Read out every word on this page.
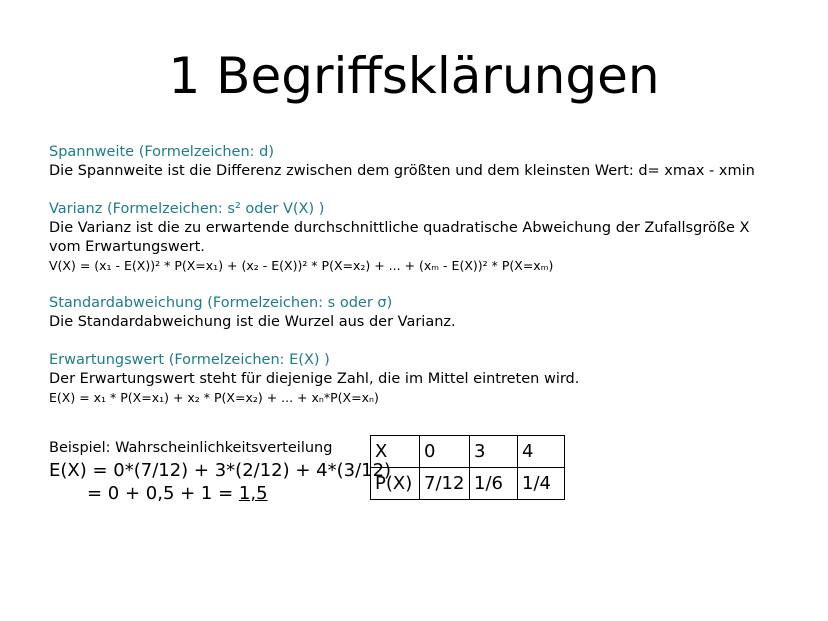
1 Begriffsklärungen
Spannweite (Formelzeichen: d)
Die Spannweite ist die Differenz zwischen dem größten und dem kleinsten Wert: d= xmax - xmin
Varianz (Formelzeichen: s² oder V(X) )
Die Varianz ist die zu erwartende durchschnittliche quadratische Abweichung der Zufallsgröße X
vom Erwartungswert.
V(X) = (x₁ - E(X))² * P(X=x₁) + (x₂ - E(X))² * P(X=x₂) + ... + (xₘ - E(X))² * P(X=xₘ)
Standardabweichung (Formelzeichen: s oder σ)
Die Standardabweichung ist die Wurzel aus der Varianz.
Erwartungswert (Formelzeichen: E(X) )
Der Erwartungswert steht für diejenige Zahl, die im Mittel eintreten wird.
E(X) = x₁ * P(X=x₁) + x₂ * P(X=x₂) + ... + xₙ*P(X=xₙ)
Beispiel: Wahrscheinlichkeitsverteilung
E(X) = 0*(7/12) + 3*(2/12) + 4*(3/12)
= 0 + 0,5 + 1 = 1,5
X	0	3	4
P(X)	7/12	1/6	1/4
